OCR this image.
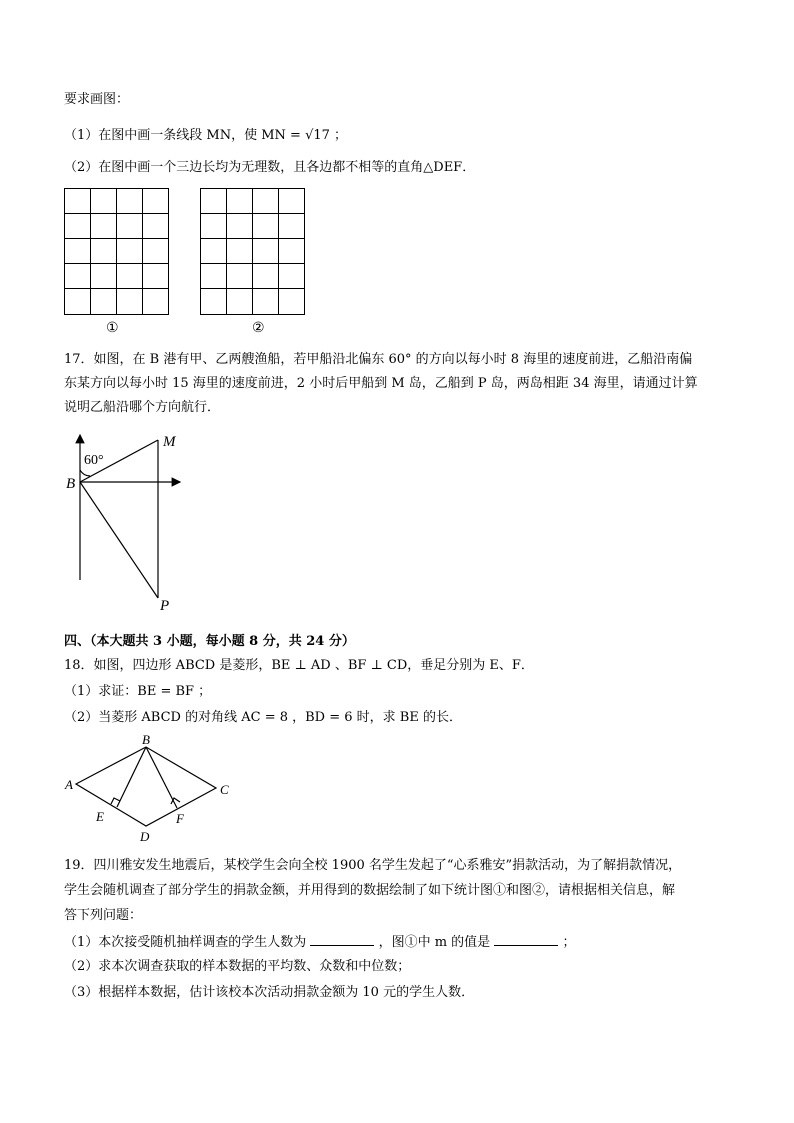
要求画图：
（1）在图中画一条线段 MN，使 MN = √17 ；
（2）在图中画一个三边长均为无理数，且各边都不相等的直角△DEF．
①	②
17．如图，在 B 港有甲、乙两艘渔船，若甲船沿北偏东 60° 的方向以每小时 8 海里的速度前进，乙船沿南偏
东某方向以每小时 15 海里的速度前进，2 小时后甲船到 M 岛，乙船到 P 岛，两岛相距 34 海里，请通过计算
说明乙船沿哪个方向航行．
60°
B
M
P
四、（本大题共 3 小题，每小题 8 分，共 24 分）
18．如图，四边形 ABCD 是菱形，BE ⊥ AD 、BF ⊥ CD，垂足分别为 E、F．
（1）求证：BE = BF ；
（2）当菱形 ABCD 的对角线 AC = 8 ，BD = 6 时，求 BE 的长．
A
B
C
D
E	F
19．四川雅安发生地震后，某校学生会向全校 1900 名学生发起了“心系雅安”捐款活动，为了解捐款情况，
学生会随机调查了部分学生的捐款金额，并用得到的数据绘制了如下统计图①和图②，请根据相关信息，解
答下列问题：
（1）本次接受随机抽样调查的学生人数为	，图①中 m 的值是	；
（2）求本次调查获取的样本数据的平均数、众数和中位数；
（3）根据样本数据，估计该校本次活动捐款金额为 10 元的学生人数．
